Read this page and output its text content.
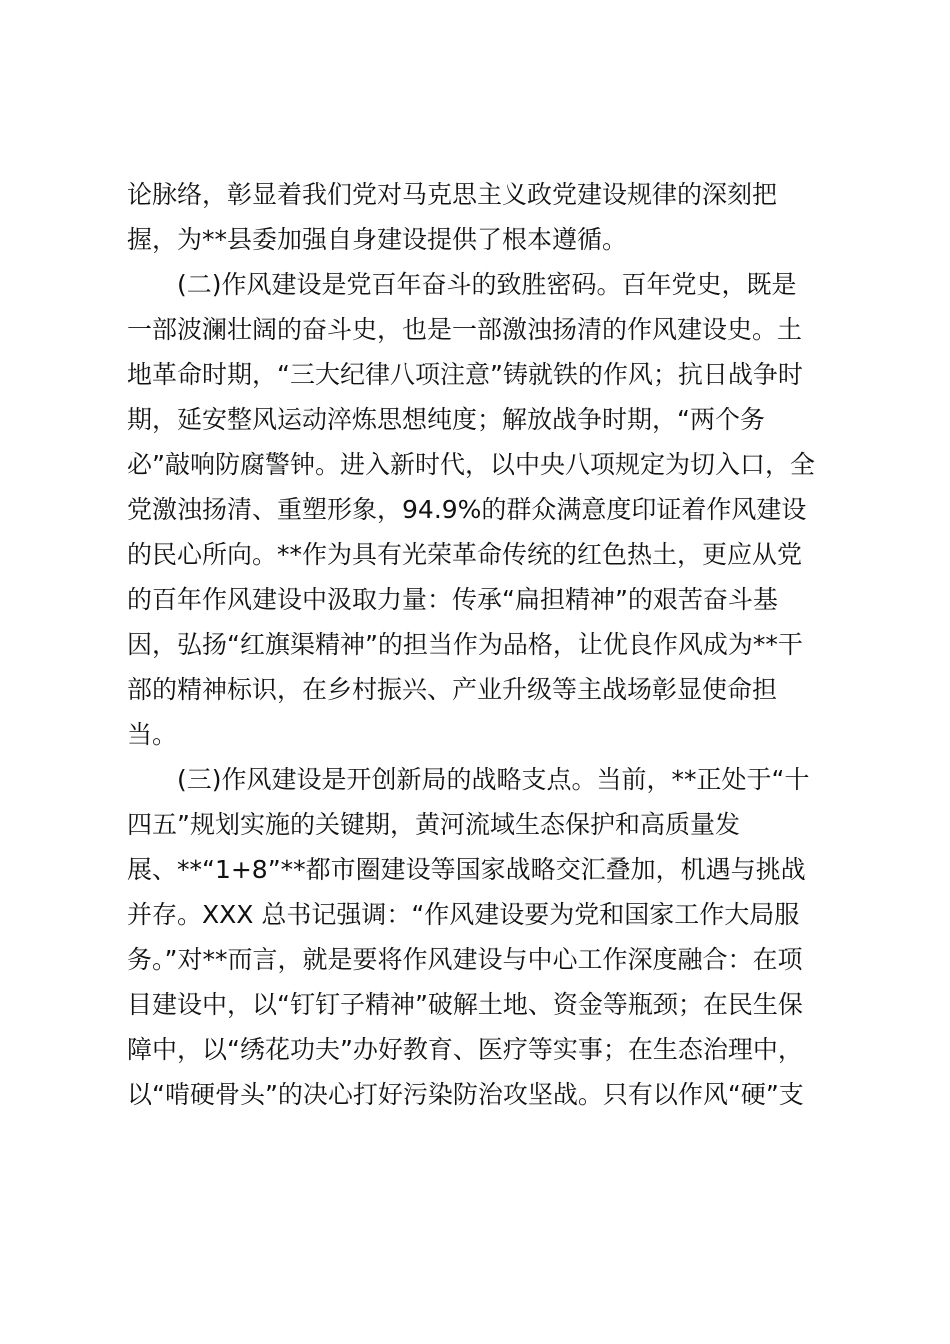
论脉络，彰显着我们党对马克思主义政党建设规律的深刻把
握，为**县委加强自身建设提供了根本遵循。
(二)作风建设是党百年奋斗的致胜密码。百年党史，既是
一部波澜壮阔的奋斗史，也是一部激浊扬清的作风建设史。土
地革命时期，“三大纪律八项注意”铸就铁的作风；抗日战争时
期，延安整风运动淬炼思想纯度；解放战争时期，“两个务
必”敲响防腐警钟。进入新时代，以中央八项规定为切入口，全
党激浊扬清、重塑形象，94.9%的群众满意度印证着作风建设
的民心所向。**作为具有光荣革命传统的红色热土，更应从党
的百年作风建设中汲取力量：传承“扁担精神”的艰苦奋斗基
因，弘扬“红旗渠精神”的担当作为品格，让优良作风成为**干
部的精神标识，在乡村振兴、产业升级等主战场彰显使命担
当。
(三)作风建设是开创新局的战略支点。当前，**正处于“十
四五”规划实施的关键期，黄河流域生态保护和高质量发
展、**“1+8”**都市圈建设等国家战略交汇叠加，机遇与挑战
并存。XXX 总书记强调：“作风建设要为党和国家工作大局服
务。”对**而言，就是要将作风建设与中心工作深度融合：在项
目建设中，以“钉钉子精神”破解土地、资金等瓶颈；在民生保
障中，以“绣花功夫”办好教育、医疗等实事；在生态治理中，
以“啃硬骨头”的决心打好污染防治攻坚战。只有以作风“硬”支
